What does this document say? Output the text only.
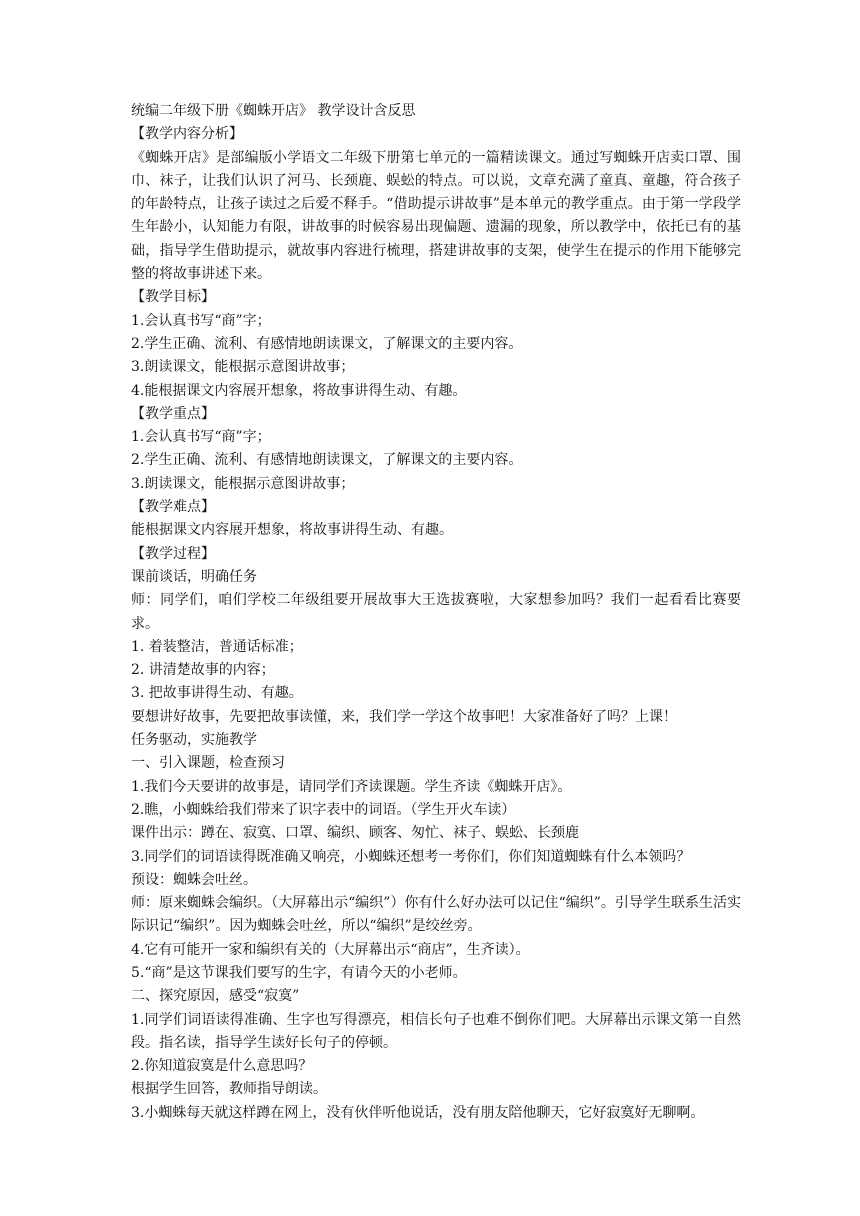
统编二年级下册《蜘蛛开店》 教学设计含反思

【教学内容分析】

《蜘蛛开店》是部编版小学语文二年级下册第七单元的一篇精读课文。通过写蜘蛛开店卖口罩、围巾、袜子，让我们认识了河马、长颈鹿、蜈蚣的特点。可以说，文章充满了童真、童趣，符合孩子的年龄特点，让孩子读过之后爱不释手。“借助提示讲故事”是本单元的教学重点。由于第一学段学生年龄小，认知能力有限，讲故事的时候容易出现偏题、遗漏的现象，所以教学中，依托已有的基础，指导学生借助提示，就故事内容进行梳理，搭建讲故事的支架，使学生在提示的作用下能够完整的将故事讲述下来。

【教学目标】

1.会认真书写“商”字；

2.学生正确、流利、有感情地朗读课文，了解课文的主要内容。

3.朗读课文，能根据示意图讲故事；

4.能根据课文内容展开想象，将故事讲得生动、有趣。

【教学重点】

1.会认真书写“商”字；

2.学生正确、流利、有感情地朗读课文，了解课文的主要内容。

3.朗读课文，能根据示意图讲故事；

【教学难点】

能根据课文内容展开想象，将故事讲得生动、有趣。

【教学过程】

课前谈话，明确任务

师：同学们，咱们学校二年级组要开展故事大王选拔赛啦，大家想参加吗？我们一起看看比赛要求。

1. 着装整洁，普通话标准；

2. 讲清楚故事的内容；

3. 把故事讲得生动、有趣。

要想讲好故事，先要把故事读懂，来，我们学一学这个故事吧！大家准备好了吗？上课！

任务驱动，实施教学

一、引入课题，检查预习

1.我们今天要讲的故事是，请同学们齐读课题。学生齐读《蜘蛛开店》。

2.瞧，小蜘蛛给我们带来了识字表中的词语。（学生开火车读）

课件出示：蹲在、寂寞、口罩、编织、顾客、匆忙、袜子、蜈蚣、长颈鹿

3.同学们的词语读得既准确又响亮，小蜘蛛还想考一考你们，你们知道蜘蛛有什么本领吗？

预设：蜘蛛会吐丝。

师：原来蜘蛛会编织。（大屏幕出示“编织”）你有什么好办法可以记住“编织”。引导学生联系生活实际识记“编织”。因为蜘蛛会吐丝，所以“编织”是绞丝旁。

4.它有可能开一家和编织有关的（大屏幕出示“商店”，生齐读）。

5.“商”是这节课我们要写的生字，有请今天的小老师。

二、探究原因，感受“寂寞”

1.同学们词语读得准确、生字也写得漂亮，相信长句子也难不倒你们吧。大屏幕出示课文第一自然段。指名读，指导学生读好长句子的停顿。

2.你知道寂寞是什么意思吗？

根据学生回答，教师指导朗读。

3.小蜘蛛每天就这样蹲在网上，没有伙伴听他说话，没有朋友陪他聊天，它好寂寞好无聊啊。
